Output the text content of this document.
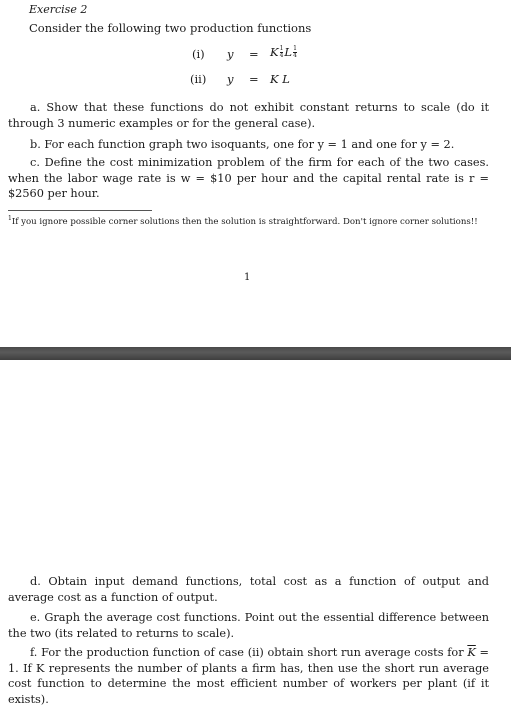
Exercise 2
Consider the following two production functions
(i) y = K $\frac{1}{4}$ L $\frac{1}{4}$
(ii) y = K L
a. Show that these functions do not exhibit constant returns to scale (do it through 3 numeric examples or for the general case).
b. For each function graph two isoquants, one for y = 1 and one for y = 2.
c. Define the cost minimization problem of the firm for each of the two cases. when the labor wage rate is w = $10 per hour and the capital rental rate is r = $2560 per hour.
$^1$If you ignore possible corner solutions then the solution is straightforward. Don't ignore corner solutions!!
1
d. Obtain input demand functions, total cost as a function of output and average cost as a function of output.
e. Graph the average cost functions. Point out the essential difference between the two (its related to returns to scale).
f. For the production function of case (ii) obtain short run average costs for $\overline{K} = 1$. If K represents the number of plants a firm has, then use the short run average cost function to determine the most efficient number of workers per plant (if it exists).
